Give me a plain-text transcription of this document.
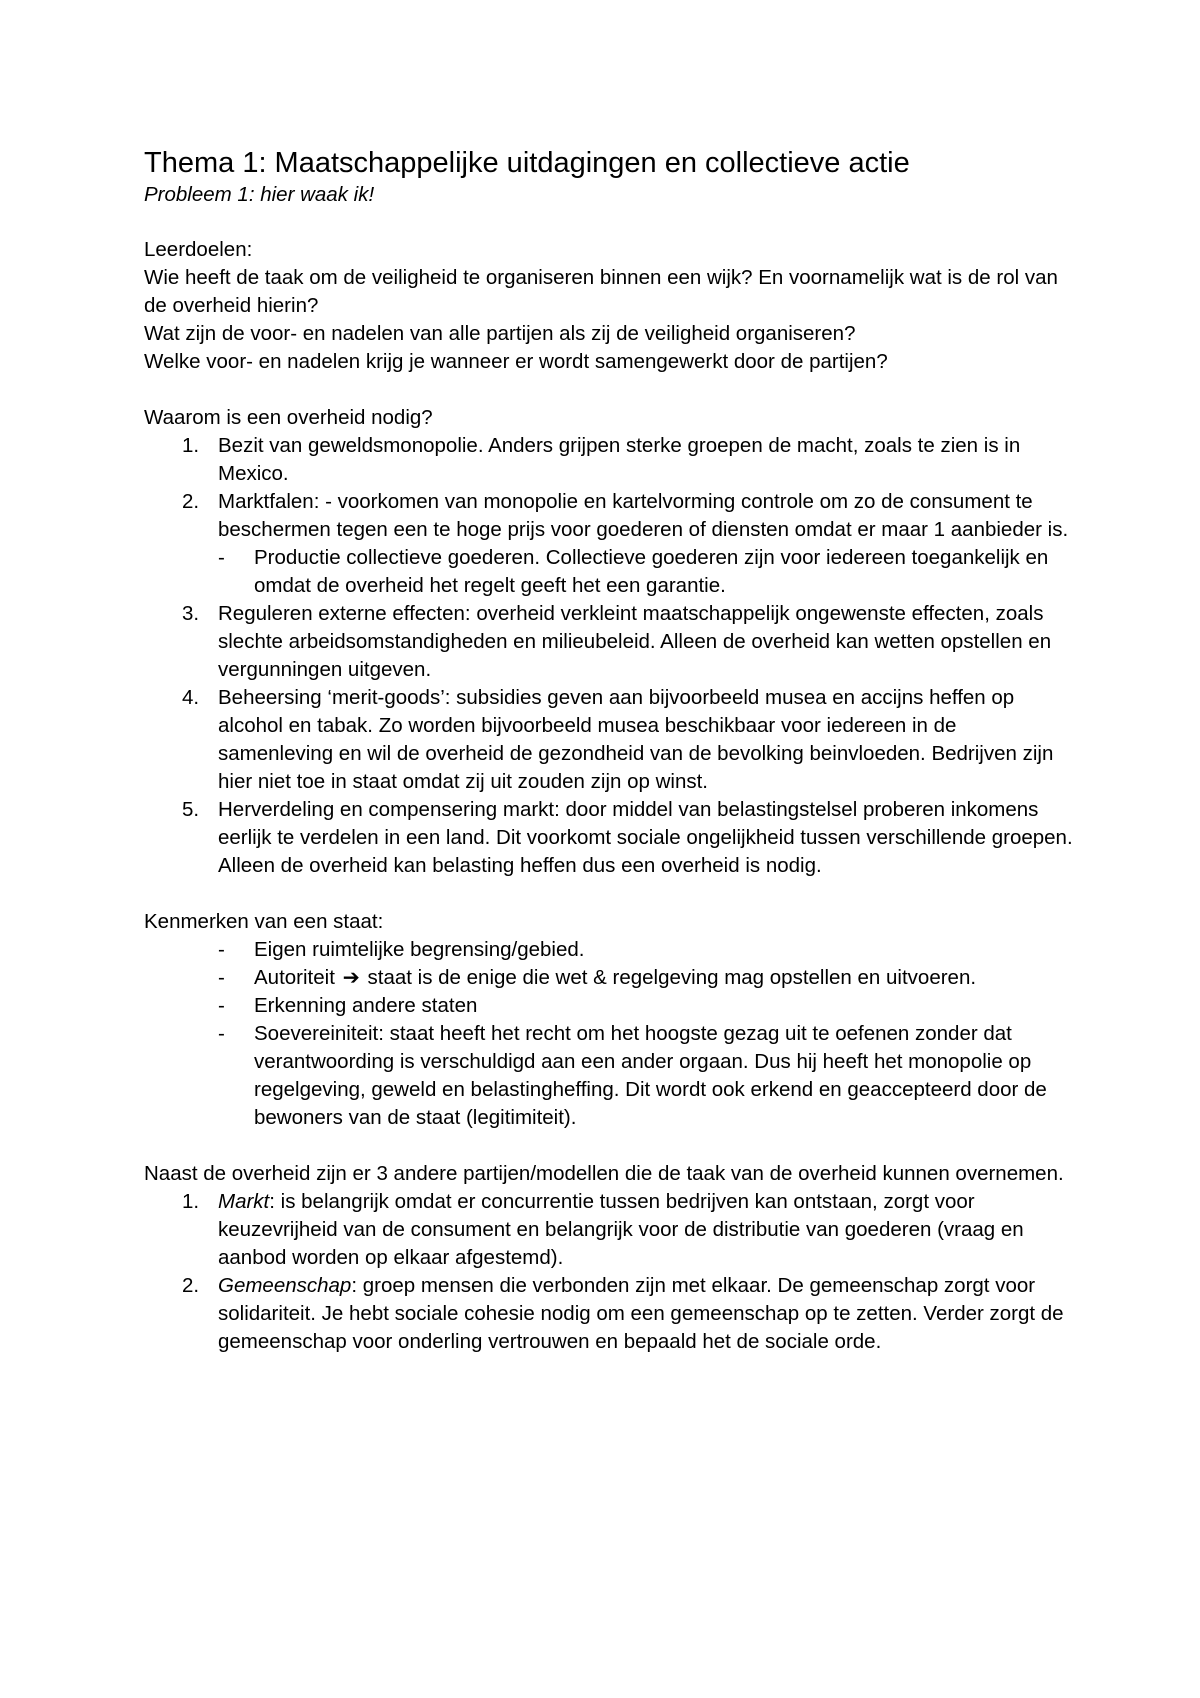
Thema 1: Maatschappelijke uitdagingen en collectieve actie

Probleem 1: hier waak ik!

Leerdoelen:

Wie heeft de taak om de veiligheid te organiseren binnen een wijk? En voornamelijk wat is de rol van de overheid hierin?

Wat zijn de voor- en nadelen van alle partijen als zij de veiligheid organiseren?

Welke voor- en nadelen krijg je wanneer er wordt samengewerkt door de partijen?

Waarom is een overheid nodig?

1. Bezit van geweldsmonopolie. Anders grijpen sterke groepen de macht, zoals te zien is in Mexico.
2. Marktfalen: - voorkomen van monopolie en kartelvorming controle om zo de consument te beschermen tegen een te hoge prijs voor goederen of diensten omdat er maar 1 aanbieder is.
- Productie collectieve goederen. Collectieve goederen zijn voor iedereen toegankelijk en omdat de overheid het regelt geeft het een garantie.
3. Reguleren externe effecten: overheid verkleint maatschappelijk ongewenste effecten, zoals slechte arbeidsomstandigheden en milieubeleid. Alleen de overheid kan wetten opstellen en vergunningen uitgeven.
4. Beheersing ‘merit-goods’: subsidies geven aan bijvoorbeeld musea en accijns heffen op alcohol en tabak. Zo worden bijvoorbeeld musea beschikbaar voor iedereen in de samenleving en wil de overheid de gezondheid van de bevolking beinvloeden. Bedrijven zijn hier niet toe in staat omdat zij uit zouden zijn op winst.
5. Herverdeling en compensering markt: door middel van belastingstelsel proberen inkomens eerlijk te verdelen in een land. Dit voorkomt sociale ongelijkheid tussen verschillende groepen. Alleen de overheid kan belasting heffen dus een overheid is nodig.

Kenmerken van een staat:

- Eigen ruimtelijke begrensing/gebied.
- Autoriteit ➔ staat is de enige die wet & regelgeving mag opstellen en uitvoeren.
- Erkenning andere staten
- Soevereiniteit: staat heeft het recht om het hoogste gezag uit te oefenen zonder dat verantwoording is verschuldigd aan een ander orgaan. Dus hij heeft het monopolie op regelgeving, geweld en belastingheffing. Dit wordt ook erkend en geaccepteerd door de bewoners van de staat (legitimiteit).

Naast de overheid zijn er 3 andere partijen/modellen die de taak van de overheid kunnen overnemen.

1. Markt: is belangrijk omdat er concurrentie tussen bedrijven kan ontstaan, zorgt voor keuzevrijheid van de consument en belangrijk voor de distributie van goederen (vraag en aanbod worden op elkaar afgestemd).
2. Gemeenschap: groep mensen die verbonden zijn met elkaar. De gemeenschap zorgt voor solidariteit. Je hebt sociale cohesie nodig om een gemeenschap op te zetten. Verder zorgt de gemeenschap voor onderling vertrouwen en bepaald het de sociale orde.
